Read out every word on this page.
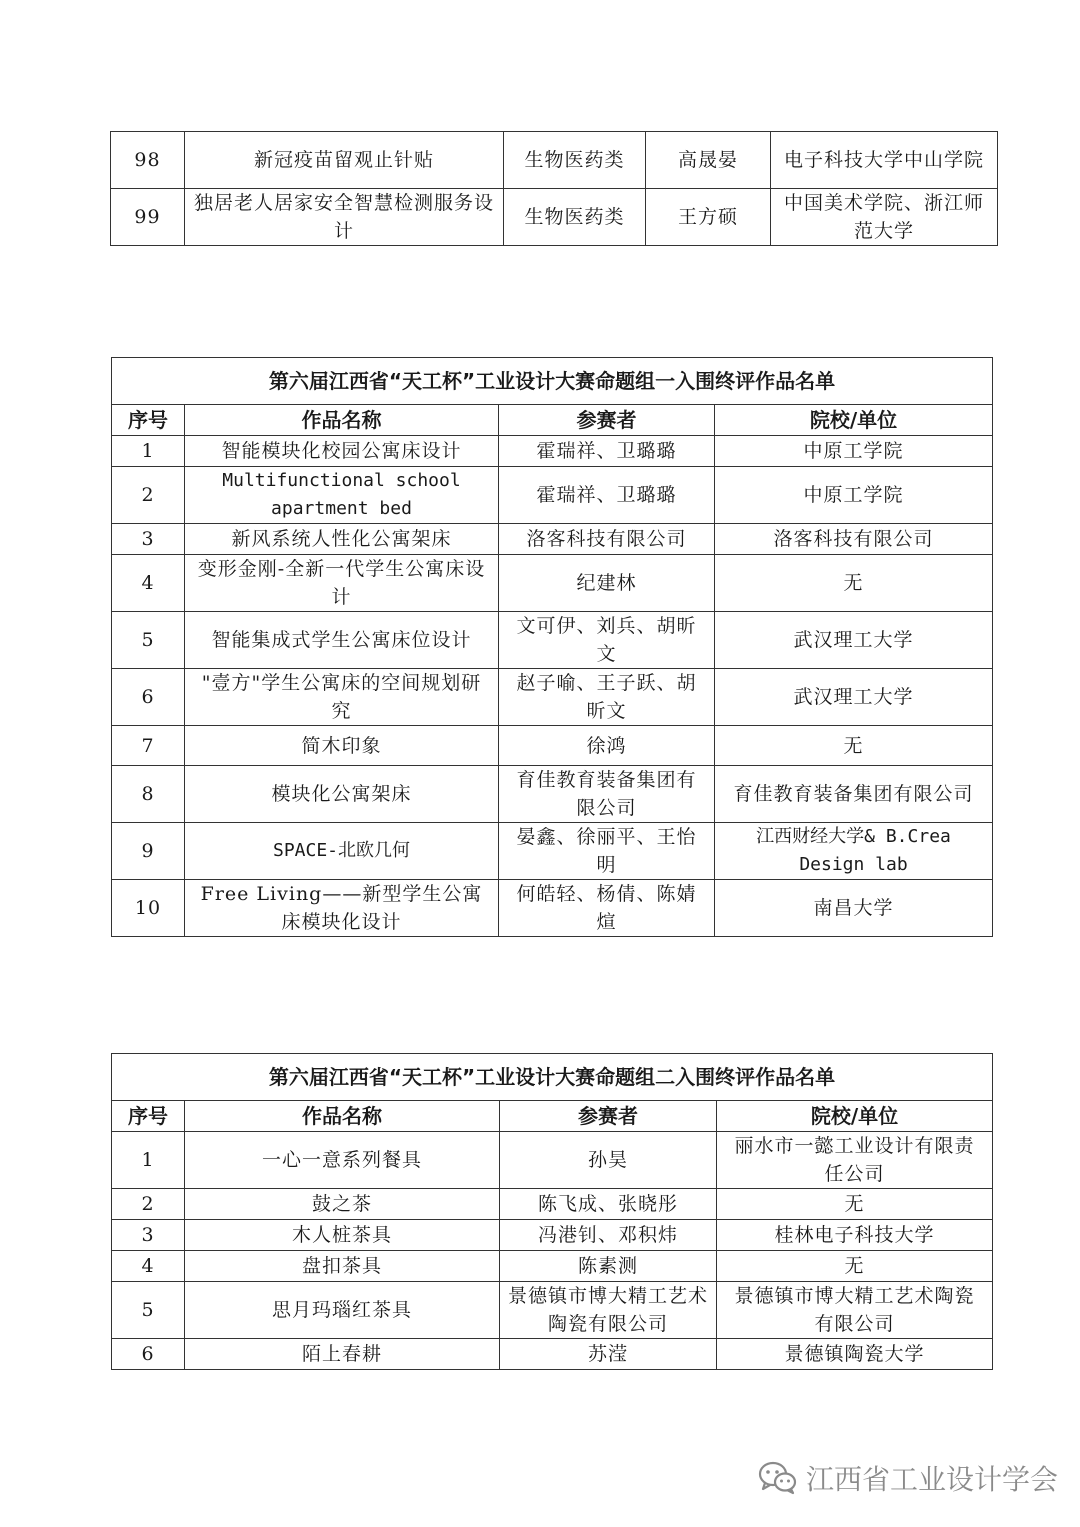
98	新冠疫苗留观止针贴	生物医药类	高晟晏	电子科技大学中山学院
99	独居老人居家安全智慧检测服务设计	生物医药类	王方硕	中国美术学院、浙江师范大学
第六届江西省“天工杯”工业设计大赛命题组一入围终评作品名单			
序号	作品名称	参赛者	院校/单位
1	智能模块化校园公寓床设计	霍瑞祥、卫璐璐	中原工学院
2	Multifunctional school apartment bed	霍瑞祥、卫璐璐	中原工学院
3	新风系统人性化公寓架床	洛客科技有限公司	洛客科技有限公司
4	变形金刚-全新一代学生公寓床设计	纪建林	无
5	智能集成式学生公寓床位设计	文可伊、刘兵、胡昕文	武汉理工大学
6	"壹方"学生公寓床的空间规划研究	赵子喻、王子跃、胡昕文	武汉理工大学
7	简木印象	徐鸿	无
8	模块化公寓架床	育佳教育装备集团有限公司	育佳教育装备集团有限公司
9	SPACE-北欧几何	晏鑫、徐丽平、王怡明	江西财经大学& B.Crea Design lab
10	Free Living——新型学生公寓床模块化设计	何皓轻、杨倩、陈婧煊	南昌大学
第六届江西省“天工杯”工业设计大赛命题组二入围终评作品名单			
序号	作品名称	参赛者	院校/单位
1	一心一意系列餐具	孙昊	丽水市一懿工业设计有限责任公司
2	鼓之茶	陈飞成、张晓彤	无
3	木人桩茶具	冯港钊、邓积炜	桂林电子科技大学
4	盘扣茶具	陈素测	无
5	思月玛瑙红茶具	景德镇市博大精工艺术陶瓷有限公司	景德镇市博大精工艺术陶瓷有限公司
6	陌上春耕	苏滢	景德镇陶瓷大学
江西省工业设计学会
